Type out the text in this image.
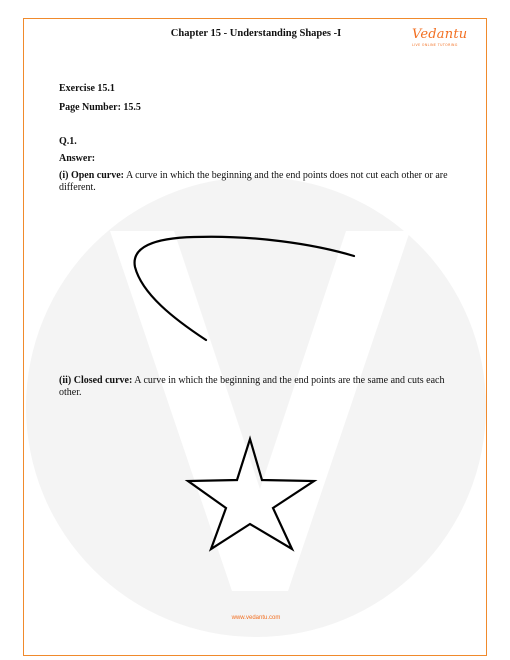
Chapter 15 - Understanding Shapes -I	Vedantu
LIVE ONLINE TUTORING
Exercise 15.1
Page Number: 15.5
Q.1.
Answer:
(i) Open curve: A curve in which the beginning and the end points does not cut each other or are different.
(ii) Closed curve: A curve in which the beginning and the end points are the same and cuts each other.
www.vedantu.com
